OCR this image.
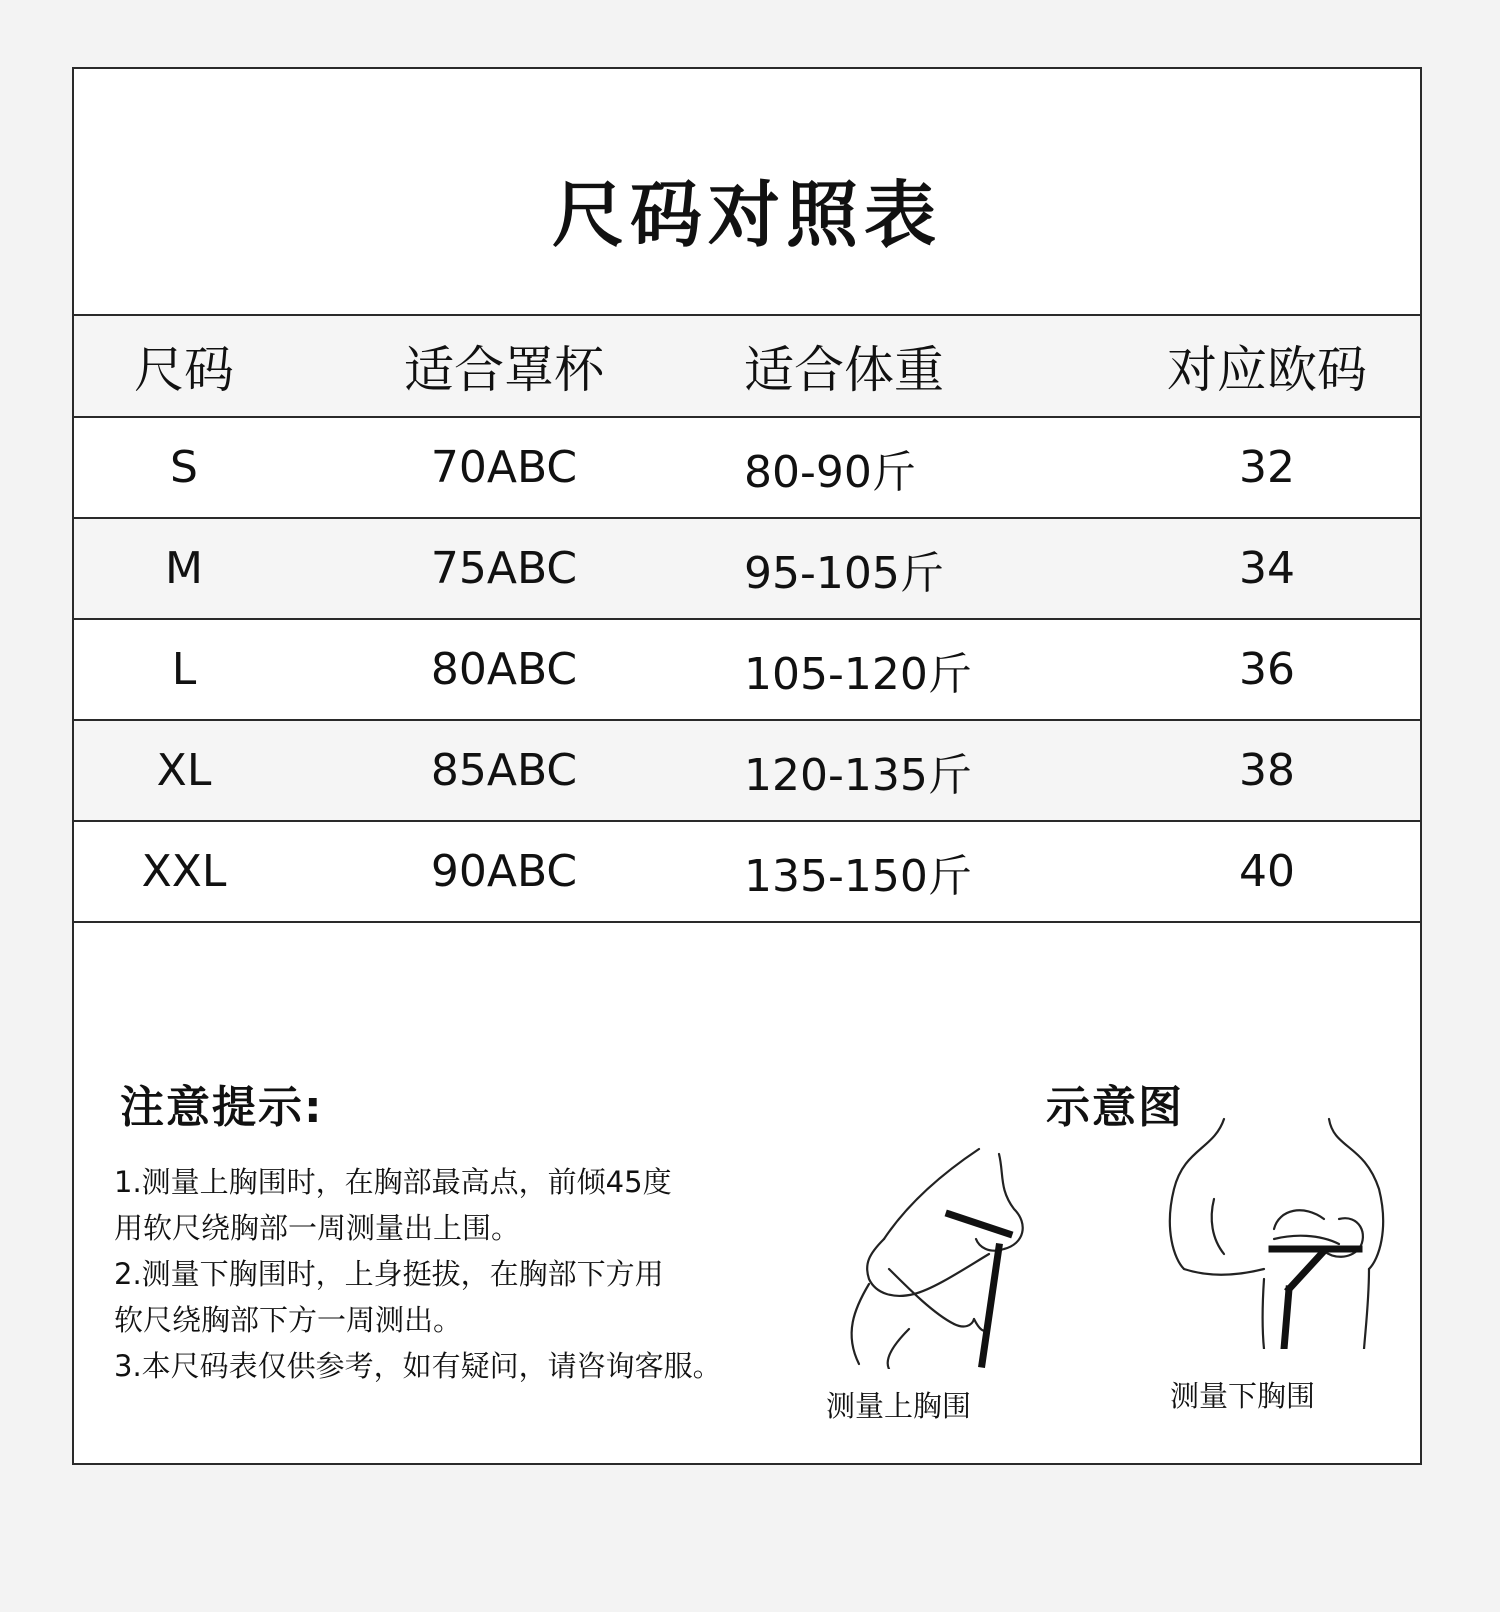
尺码对照表
尺码	适合罩杯	适合体重	对应欧码
S	70ABC	80-90斤	32
M	75ABC	95-105斤	34
L	80ABC	105-120斤	36
XL	85ABC	120-135斤	38
XXL	90ABC	135-150斤	40
注意提示:

1.测量上胸围时，在胸部最高点，前倾45度

用软尺绕胸部一周测量出上围。

2.测量下胸围时，上身挺拔，在胸部下方用

软尺绕胸部下方一周测出。

3.本尺码表仅供参考，如有疑问，请咨询客服。

示意图
测量上胸围	测量下胸围
